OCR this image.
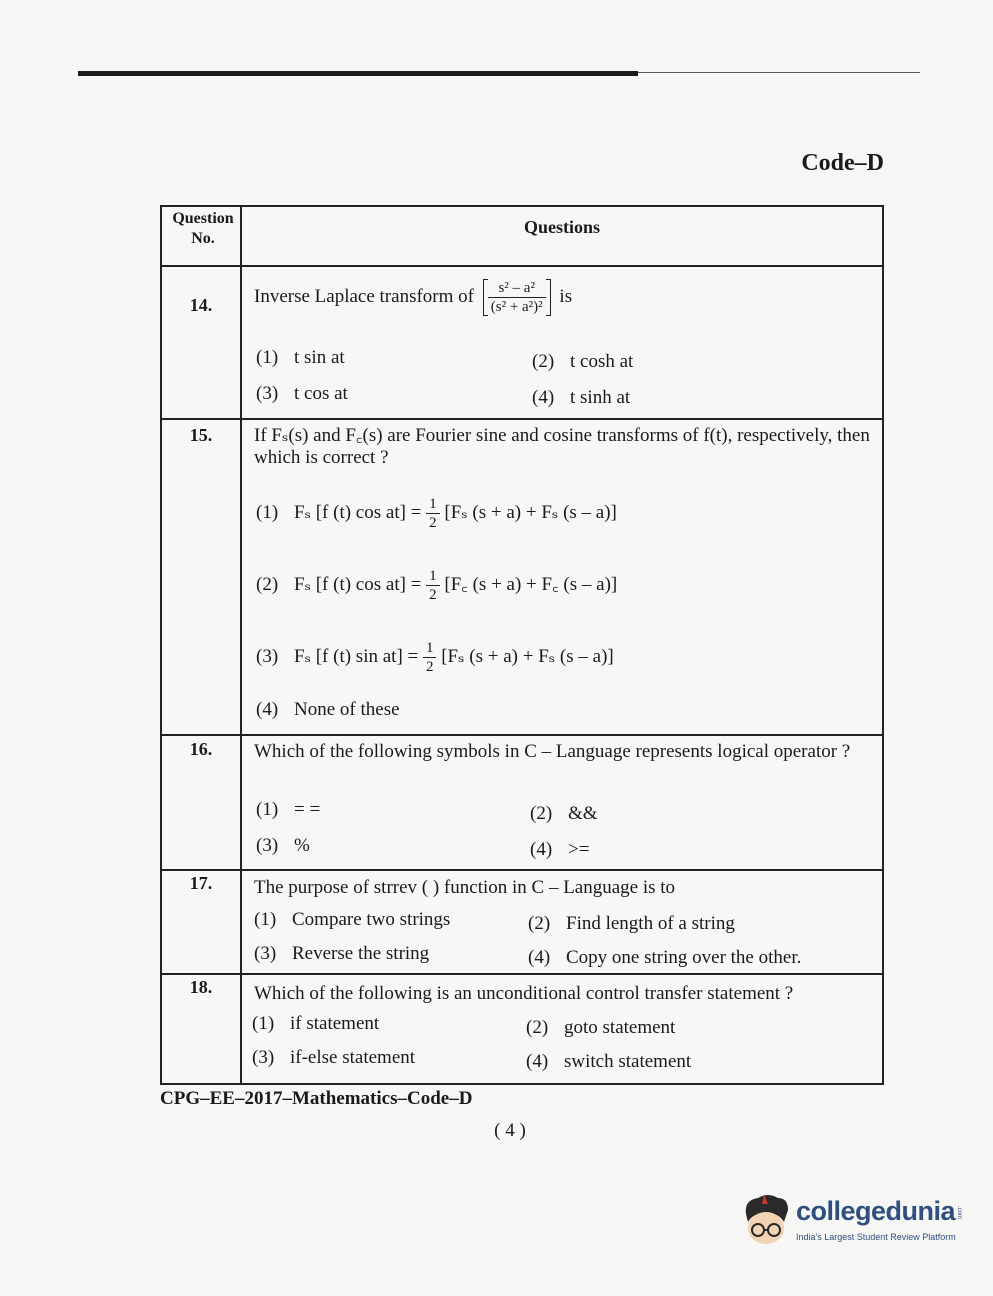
Code–D
Question No.
Questions
14.	Inverse Laplace transform of $\frac{\text{s² – a²}}{\text{(s² + a²)²}}$ is
(1) t sin at	(2) t cosh at
(3) t cos at	(4) t sinh at
15.	If Fₛ(s) and F꜀(s) are Fourier sine and cosine transforms of f(t), respectively, then which is correct ?
(1) Fₛ [f (t) $\cos at] = \frac{1}{2} [F_s$ (s + a) + Fₛ (s – a)]
(2) Fₛ [f (t) $\cos at] = \frac{1}{2}$ [F꜀ (s + a) + F꜀ (s – a)]
(3) Fₛ [f (t) $\sin at] = \frac{1}{2} [F_s$ (s + a) + Fₛ (s – a)]
(4) None of these
16.	Which of the following symbols in C – Language represents logical operator ?
(1) = =	(2) &&
(3) %	(4) >=
17.	The purpose of strrev ( ) function in C – Language is to
(1) Compare two strings	(2) Find length of a string
(3) Reverse the string	(4) Copy one string over the other.
18.	Which of the following is an unconditional control transfer statement ?
(1) if statement	(2) goto statement
(3) if-else statement	(4) switch statement
CPG–EE–2017–Mathematics–Code–D
( 4 )
collegedunia .com
India's Largest Student Review Platform
